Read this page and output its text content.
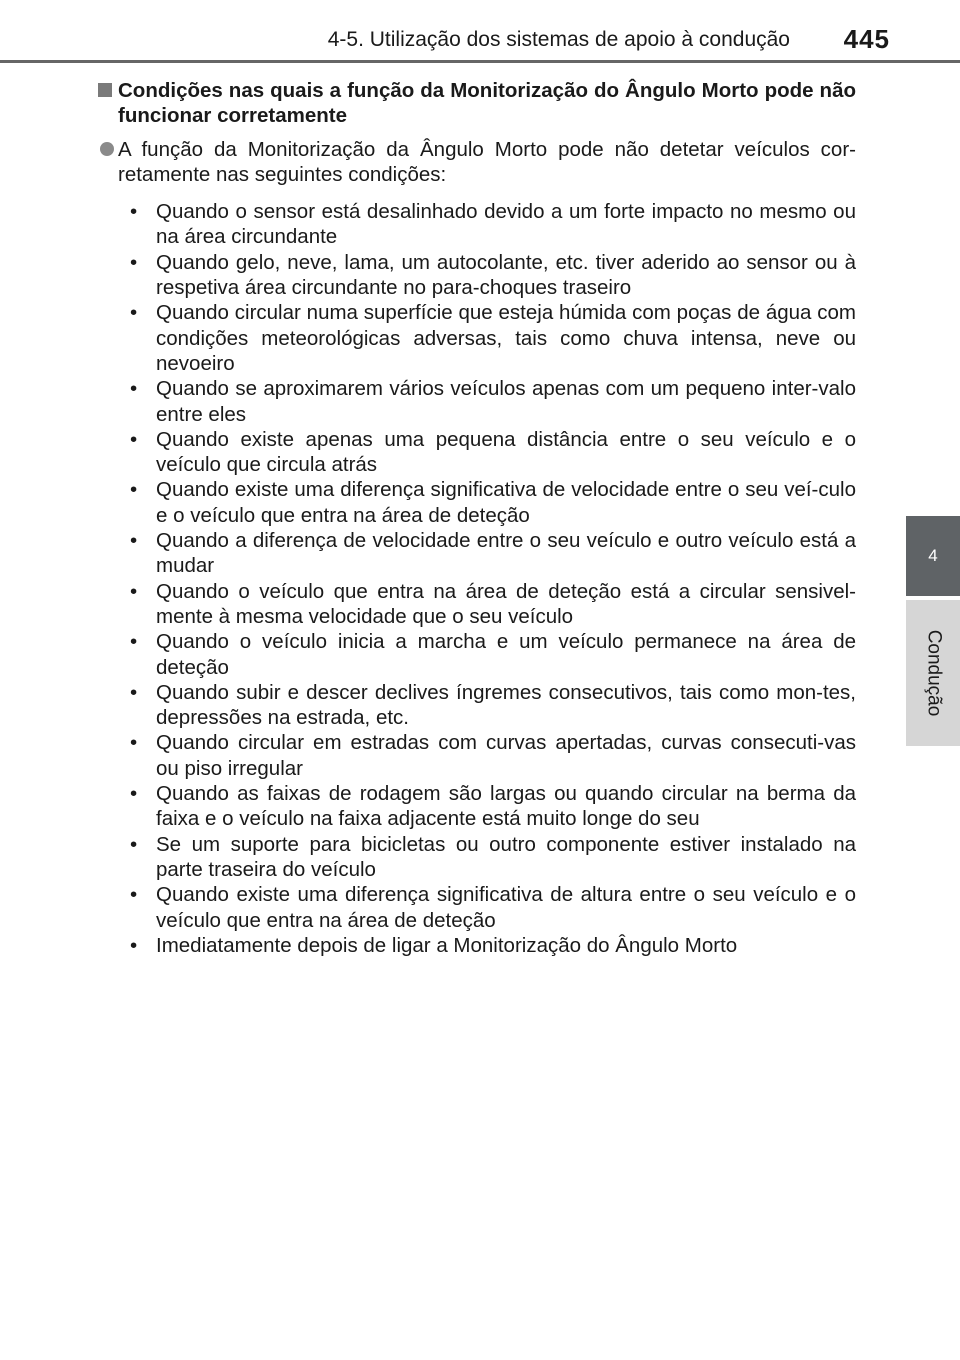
4-5. Utilização dos sistemas de apoio à condução 445
4
Condução
Condições nas quais a função da Monitorização do Ângulo Morto pode não funcionar corretamente
A função da Monitorização da Ângulo Morto pode não detetar veículos cor-retamente nas seguintes condições:
• Quando o sensor está desalinhado devido a um forte impacto no mesmo ou na área circundante
• Quando gelo, neve, lama, um autocolante, etc. tiver aderido ao sensor ou à respetiva área circundante no para-choques traseiro
• Quando circular numa superfície que esteja húmida com poças de água com condições meteorológicas adversas, tais como chuva intensa, neve ou nevoeiro
• Quando se aproximarem vários veículos apenas com um pequeno inter-valo entre eles
• Quando existe apenas uma pequena distância entre o seu veículo e o veículo que circula atrás
• Quando existe uma diferença significativa de velocidade entre o seu veí-culo e o veículo que entra na área de deteção
• Quando a diferença de velocidade entre o seu veículo e outro veículo está a mudar
• Quando o veículo que entra na área de deteção está a circular sensivel-mente à mesma velocidade que o seu veículo
• Quando o veículo inicia a marcha e um veículo permanece na área de deteção
• Quando subir e descer declives íngremes consecutivos, tais como mon-tes, depressões na estrada, etc.
• Quando circular em estradas com curvas apertadas, curvas consecuti-vas ou piso irregular
• Quando as faixas de rodagem são largas ou quando circular na berma da faixa e o veículo na faixa adjacente está muito longe do seu
• Se um suporte para bicicletas ou outro componente estiver instalado na parte traseira do veículo
• Quando existe uma diferença significativa de altura entre o seu veículo e o veículo que entra na área de deteção
• Imediatamente depois de ligar a Monitorização do Ângulo Morto
